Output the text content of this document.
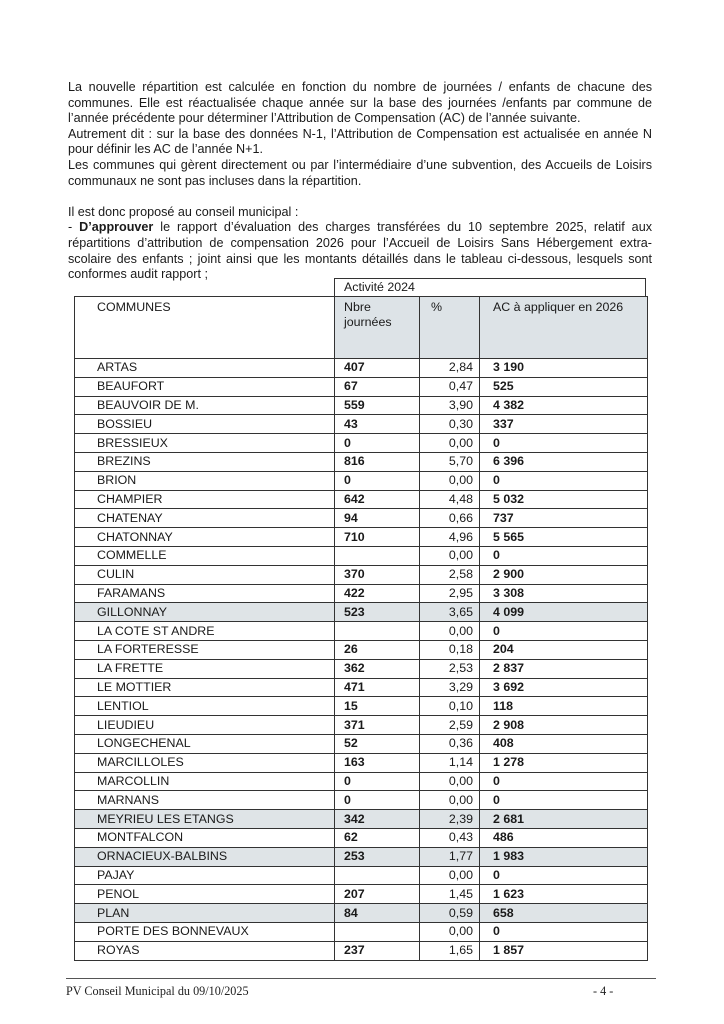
La nouvelle répartition est calculée en fonction du nombre de journées / enfants de chacune des communes. Elle est réactualisée chaque année sur la base des journées /enfants par commune de l’année précédente pour déterminer l’Attribution de Compensation (AC) de l’année suivante.

Autrement dit : sur la base des données N-1, l’Attribution de Compensation est actualisée en année N pour définir les AC de l’année N+1.

Les communes qui gèrent directement ou par l’intermédiaire d’une subvention, des Accueils de Loisirs communaux ne sont pas incluses dans la répartition.

Il est donc proposé au conseil municipal :

- D’approuver le rapport d’évaluation des charges transférées du 10 septembre 2025, relatif aux répartitions d’attribution de compensation 2026 pour l’Accueil de Loisirs Sans Hébergement extra-scolaire des enfants ; joint ainsi que les montants détaillés dans le tableau ci-dessous, lesquels sont conformes audit rapport ;

Activité 2024
COMMUNES	Nbre journées	%	AC à appliquer en 2026
ARTAS	407	2,84	3 190
BEAUFORT	67	0,47	525
BEAUVOIR DE M.	559	3,90	4 382
BOSSIEU	43	0,30	337
BRESSIEUX	0	0,00	0
BREZINS	816	5,70	6 396
BRION	0	0,00	0
CHAMPIER	642	4,48	5 032
CHATENAY	94	0,66	737
CHATONNAY	710	4,96	5 565
COMMELLE		0,00	0
CULIN	370	2,58	2 900
FARAMANS	422	2,95	3 308
GILLONNAY	523	3,65	4 099
LA COTE ST ANDRE		0,00	0
LA FORTERESSE	26	0,18	204
LA FRETTE	362	2,53	2 837
LE MOTTIER	471	3,29	3 692
LENTIOL	15	0,10	118
LIEUDIEU	371	2,59	2 908
LONGECHENAL	52	0,36	408
MARCILLOLES	163	1,14	1 278
MARCOLLIN	0	0,00	0
MARNANS	0	0,00	0
MEYRIEU LES ETANGS	342	2,39	2 681
MONTFALCON	62	0,43	486
ORNACIEUX-BALBINS	253	1,77	1 983
PAJAY		0,00	0
PENOL	207	1,45	1 623
PLAN	84	0,59	658
PORTE DES BONNEVAUX		0,00	0
ROYAS	237	1,65	1 857
PV Conseil Municipal du 09/10/2025	- 4 -
